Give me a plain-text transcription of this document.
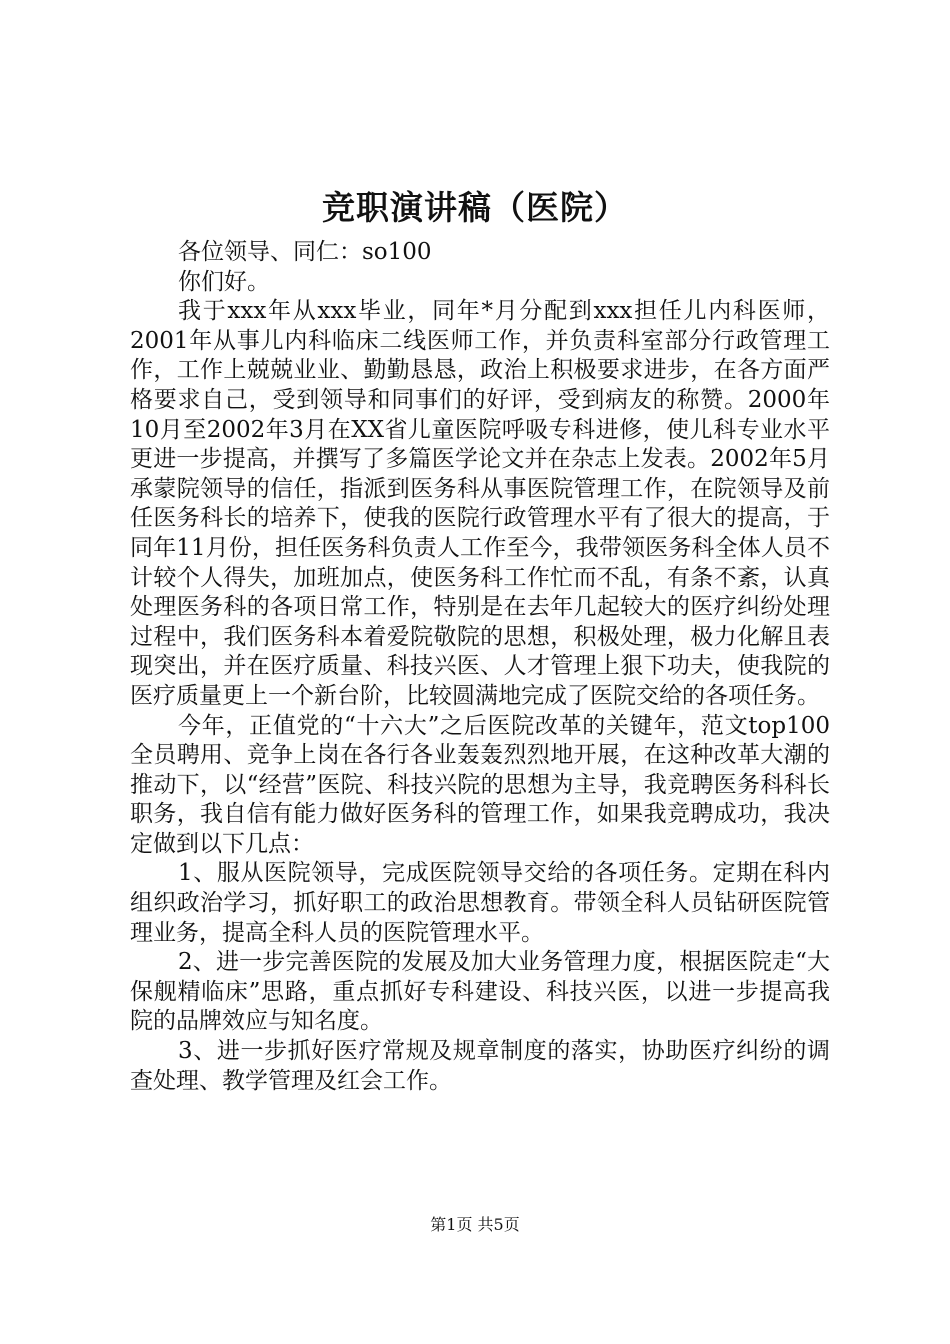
竞职演讲稿（医院）

各位领导、同仁：so100

你们好。

我于xxx年从xxx毕业，同年*月分配到xxx担任儿内科医师，2001年从事儿内科临床二线医师工作，并负责科室部分行政管理工作，工作上兢兢业业、勤勤恳恳，政治上积极要求进步，在各方面严格要求自己，受到领导和同事们的好评，受到病友的称赞。2000年10月至2002年3月在XX省儿童医院呼吸专科进修，使儿科专业水平更进一步提高，并撰写了多篇医学论文并在杂志上发表。2002年5月承蒙院领导的信任，指派到医务科从事医院管理工作，在院领导及前任医务科长的培养下，使我的医院行政管理水平有了很大的提高，于同年11月份，担任医务科负责人工作至今，我带领医务科全体人员不计较个人得失，加班加点，使医务科工作忙而不乱，有条不紊，认真处理医务科的各项日常工作，特别是在去年几起较大的医疗纠纷处理过程中，我们医务科本着爱院敬院的思想，积极处理，极力化解且表现突出，并在医疗质量、科技兴医、人才管理上狠下功夫，使我院的医疗质量更上一个新台阶，比较圆满地完成了医院交给的各项任务。

今年，正值党的“十六大”之后医院改革的关键年，范文top100全员聘用、竞争上岗在各行各业轰轰烈烈地开展，在这种改革大潮的推动下，以“经营”医院、科技兴院的思想为主导，我竞聘医务科科长职务，我自信有能力做好医务科的管理工作，如果我竞聘成功，我决定做到以下几点：

1、服从医院领导，完成医院领导交给的各项任务。定期在科内组织政治学习，抓好职工的政治思想教育。带领全科人员钻研医院管理业务，提高全科人员的医院管理水平。

2、进一步完善医院的发展及加大业务管理力度，根据医院走“大保舰精临床”思路，重点抓好专科建设、科技兴医，以进一步提高我院的品牌效应与知名度。

3、进一步抓好医疗常规及规章制度的落实，协助医疗纠纷的调查处理、教学管理及红会工作。

第1页 共5页
